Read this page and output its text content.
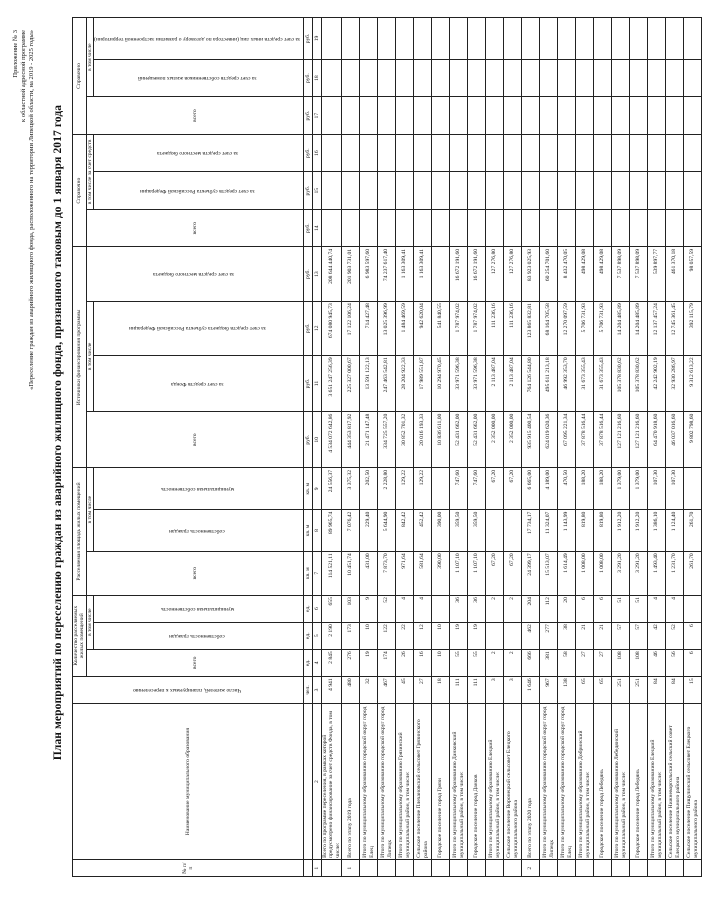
Приложение № 3 к областной адресной программе «Переселение граждан из аварийного жилищного фонда, расположенного на территории Липецкой области, на 2019 - 2025 годы» План мероприятий по переселению граждан из аварийного жилищного фонда, признанного таковым до 1 января 2017 года
№ п/п	Наименование муниципального образования	Число жителей, планируемых к переселению	Количество расселяемых жилых помещений			Расселяемая площадь жилых помещений			Источники финансирования программы				Справочно			Справочно		
			всего	в том числе		всего	в том числе		всего	в том числе		за счет средств местного бюджета	всего	в том числе за счет средств		всего	в том числе	
				собственность граждан	муниципальная собственность		собственность граждан	муниципальная собственность		за счет средств Фонда	за счет средств бюджета субъекта Российской Федерации			за счет средств субъекта Российской Федерации	за счет средств местного бюджета		за счет средств собственников жилых помещений	за счет средств иных лиц (инвестора по договору о развитии застроенной территории)
		чел.	ед.	ед.	ед.	кв. м	кв. м	кв. м	руб.	руб.	руб.	руб.	руб.	руб.	руб.	руб.	руб.	руб.
1	2	3	4	5	6	7	8	9	10	11	12	13	14	15	16	17	18	19
	Всего по программе переселения, в рамках которой предусмотрено финансирование за счет средств Фонда, в том числе:	4 941	2 845	2 190	655	114 521,11	89 965,74	24 556,37	4 534 072 642,86	3 651 247 256,39	674 080 945,73	208 644 440,74						
1	Всего по этапу 2019 года	480	276	173	103	10 451,74	7 076,42	3 375,32	444 353 817,92	225 327 000,67	17 122 106,24	201 903 731,01						
	Итого по муниципальному образованию городской округ город Елец	32	19	10	9	431,00	229,40	202,50	21 471 147,48	13 591 122,13	714 427,48	6 983 597,60						
	Итого по муниципальному образованию городской округ город Липецк	467	174	122	52	7 873,70	5 644,90	2 228,80	334 725 557,20	247 463 542,81	13 025 396,99	74 237 617,40						
	Итого по муниципальному образованию Грязинский муниципальный район, в том числе:	45	26	22	4	971,64	842,42	129,22	30 852 701,32	28 204 922,33	1 484 469,59	1 163 309,41						
	Сельское поселение Плехановский сельсовет Грязинского района	27	16	12	4	581,64	452,42	129,22	20 016 193,33	17 989 551,87	942 620,04	1 163 309,41						
	Городское поселение город Грязи	18	10	10		390,00	390,00		10 836 611,00	10 294 970,45	541 840,55							
	Итого по муниципальному образованию Данковский муниципальный район, в том числе:	111	55	19	36	1 107,10	359,50	747,60	52 431 662,00	33 971 596,38	1 787 974,02	16 672 191,60						
	Городское поселение город Данков	111	55	19	36	1 107,10	359,50	747,60	52 431 662,00	33 971 596,38	1 787 974,02	16 672 191,60						
	Итого по муниципальному образованию Елецкий муниципальный район, в том числе:	3	2		2	67,20		67,20	2 352 000,00	2 113 487,04	111 236,16	127 276,80						
	Сельское поселение Воронецкий сельсовет Елецкого муниципального района	3	2		2	67,20		67,20	2 352 000,00	2 113 487,04	111 236,16	127 276,80						
2	Всего по этапу 2020 года	1 646	666	462	204	24 399,17	17 734,17	6 665,00	935 915 400,54	764 126 544,80	123 865 832,81	83 923 025,93						
	Итого по муниципальному образованию городской округ город Липецк	967	381	277	112	15 513,07	11 324,07	4 189,00	624 019 620,36	495 611 213,18	68 164 705,58	60 254 701,60						
	Итого по муниципальному образованию городской округ город Елец	138	58	38	20	1 614,49	1 143,99	470,50	67 095 221,34	46 992 353,70	12 270 097,59	8 432 470,05						
	Итого по муниципальному образованию Добринский муниципальный район, в том числе:	65	27	21	6	1 008,00	819,80	188,20	37 878 516,44	31 673 355,43	5 706 731,93	498 429,08						
	Городское поселение город Лебедянь	65	27	21	6	1 008,00	819,80	188,20	37 878 516,44	31 673 355,43	5 706 731,93	498 429,08						
	Итого по муниципальному образованию Лебедянский муниципальный район, в том числе:	251	108	57	51	3 291,20	1 912,20	1 379,00	127 121 216,60	105 378 830,62	14 204 485,89	7 537 898,09						
	Городское поселение город Лебедянь	251	108	57	51	3 291,20	1 912,20	1 379,00	127 121 216,60	105 378 830,62	14 204 485,89	7 537 898,09						
	Итого по муниципальному образованию Елецкий муниципальный район, в том числе:	84	46	42	4	1 493,40	1 386,10	107,30	64 470 918,60	42 242 902,19	12 137 457,24	539 897,77						
	Сельское поселение Нижневоргольский сельский совет Елецкого муниципального района	84	56	52	4	1 231,70	1 124,40	107,30	46 037 016,60	32 930 286,97	12 745 361,45	461 370,18						
	Сельское поселение Пищулинский сельсовет Елецкого муниципального района	15	6	6		261,70	261,70		9 802 798,60	9 312 613,22	392 115,79	98 057,59						
